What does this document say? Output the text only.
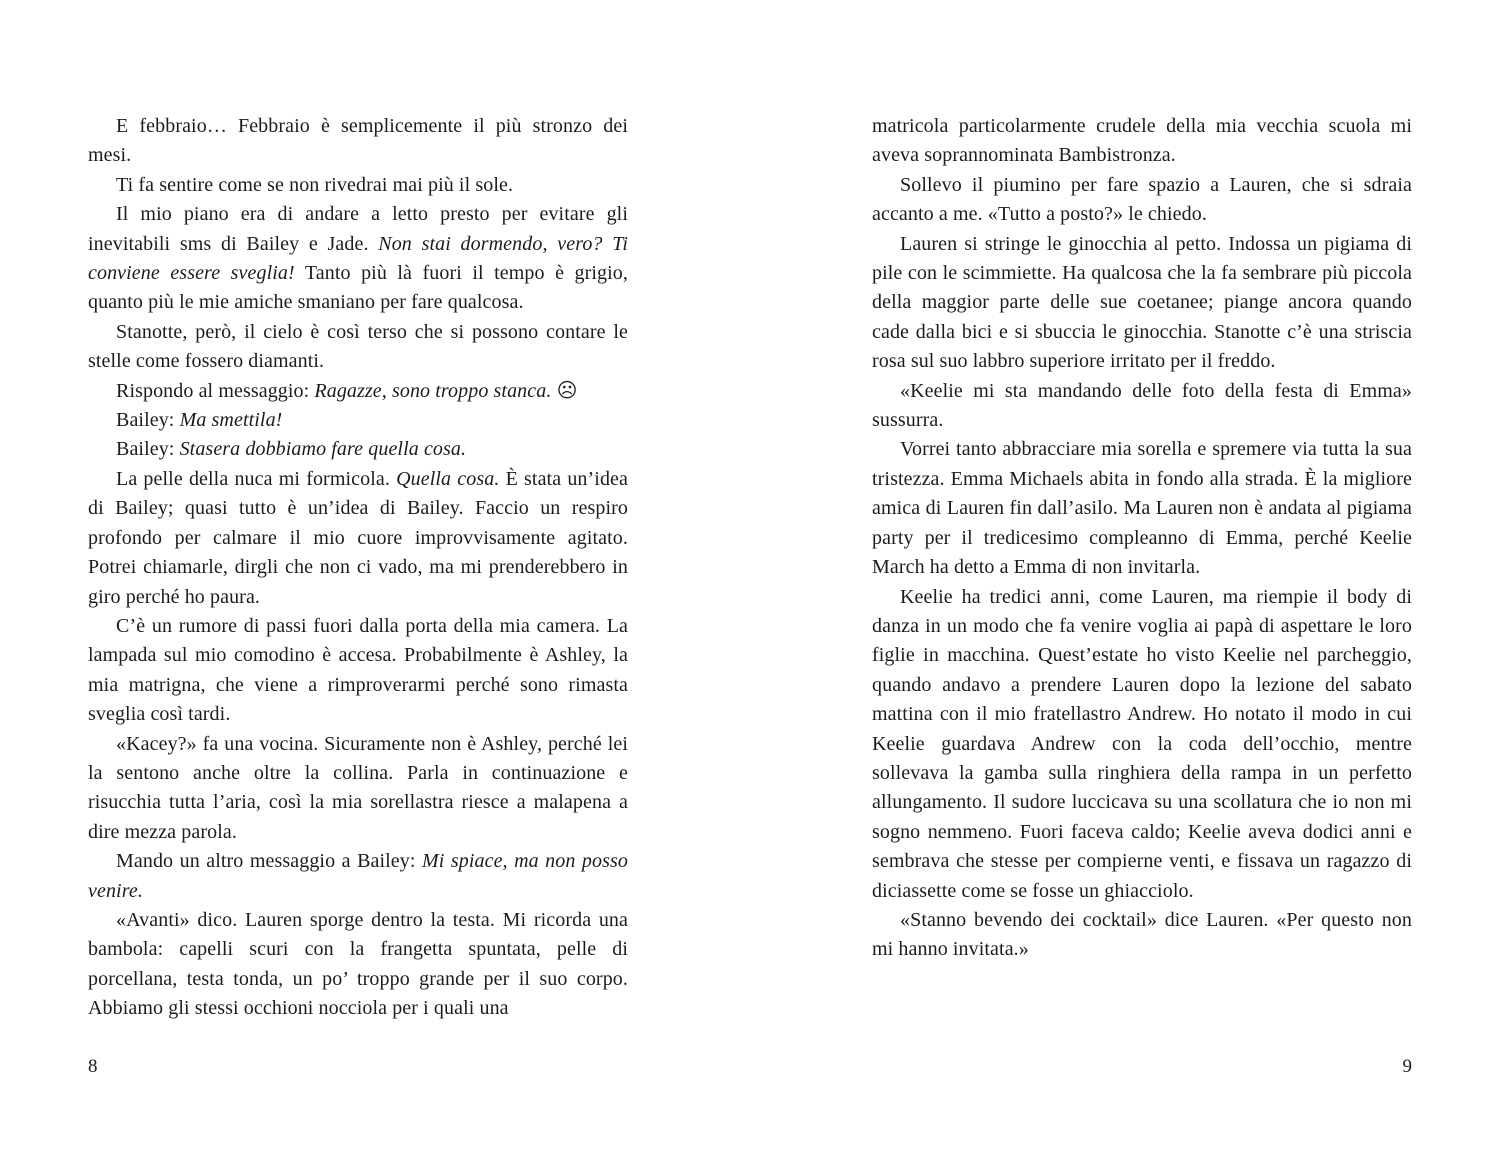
E febbraio… Febbraio è semplicemente il più stronzo dei mesi.

Ti fa sentire come se non rivedrai mai più il sole.

Il mio piano era di andare a letto presto per evitare gli inevitabili sms di Bailey e Jade. Non stai dormendo, vero? Ti conviene essere sveglia! Tanto più là fuori il tempo è grigio, quanto più le mie amiche smaniano per fare qualcosa.

Stanotte, però, il cielo è così terso che si possono contare le stelle come fossero diamanti.

Rispondo al messaggio: Ragazze, sono troppo stanca. ☹

Bailey: Ma smettila!

Bailey: Stasera dobbiamo fare quella cosa.

La pelle della nuca mi formicola. Quella cosa. È stata un’idea di Bailey; quasi tutto è un’idea di Bailey. Faccio un respiro profondo per calmare il mio cuore improvvisamente agitato. Potrei chiamarle, dirgli che non ci vado, ma mi prenderebbero in giro perché ho paura.

C’è un rumore di passi fuori dalla porta della mia camera. La lampada sul mio comodino è accesa. Probabilmente è Ashley, la mia matrigna, che viene a rimproverarmi perché sono rimasta sveglia così tardi.

«Kacey?» fa una vocina. Sicuramente non è Ashley, perché lei la sentono anche oltre la collina. Parla in continuazione e risucchia tutta l’aria, così la mia sorellastra riesce a malapena a dire mezza parola.

Mando un altro messaggio a Bailey: Mi spiace, ma non posso venire.

«Avanti» dico. Lauren sporge dentro la testa. Mi ricorda una bambola: capelli scuri con la frangetta spuntata, pelle di porcellana, testa tonda, un po’ troppo grande per il suo corpo. Abbiamo gli stessi occhioni nocciola per i quali una

8

matricola particolarmente crudele della mia vecchia scuola mi aveva soprannominata Bambistronza.

Sollevo il piumino per fare spazio a Lauren, che si sdraia accanto a me. «Tutto a posto?» le chiedo.

Lauren si stringe le ginocchia al petto. Indossa un pigiama di pile con le scimmiette. Ha qualcosa che la fa sembrare più piccola della maggior parte delle sue coetanee; piange ancora quando cade dalla bici e si sbuccia le ginocchia. Stanotte c’è una striscia rosa sul suo labbro superiore irritato per il freddo.

«Keelie mi sta mandando delle foto della festa di Emma» sussurra.

Vorrei tanto abbracciare mia sorella e spremere via tutta la sua tristezza. Emma Michaels abita in fondo alla strada. È la migliore amica di Lauren fin dall’asilo. Ma Lauren non è andata al pigiama party per il tredicesimo compleanno di Emma, perché Keelie March ha detto a Emma di non invitarla.

Keelie ha tredici anni, come Lauren, ma riempie il body di danza in un modo che fa venire voglia ai papà di aspettare le loro figlie in macchina. Quest’estate ho visto Keelie nel parcheggio, quando andavo a prendere Lauren dopo la lezione del sabato mattina con il mio fratellastro Andrew. Ho notato il modo in cui Keelie guardava Andrew con la coda dell’occhio, mentre sollevava la gamba sulla ringhiera della rampa in un perfetto allungamento. Il sudore luccicava su una scollatura che io non mi sogno nemmeno. Fuori faceva caldo; Keelie aveva dodici anni e sembrava che stesse per compierne venti, e fissava un ragazzo di diciassette come se fosse un ghiacciolo.

«Stanno bevendo dei cocktail» dice Lauren. «Per questo non mi hanno invitata.»

9
